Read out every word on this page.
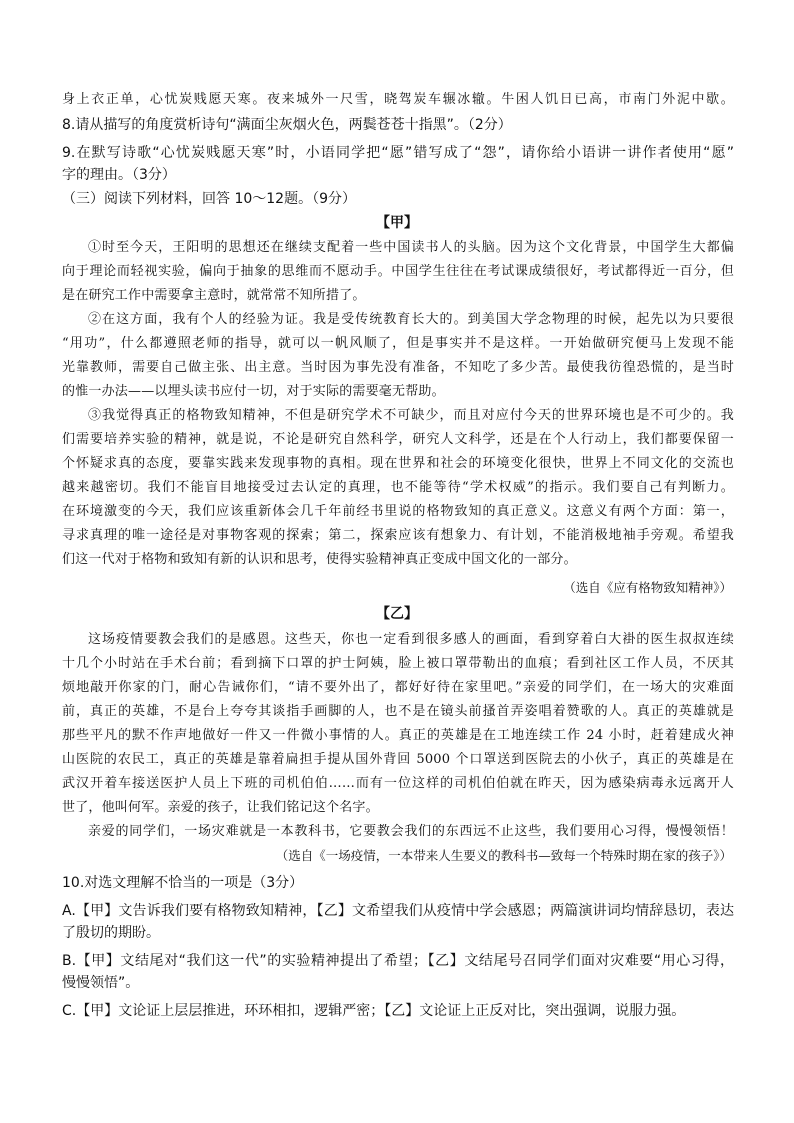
身上衣正单，心忧炭贱愿天寒。夜来城外一尺雪，晓驾炭车辗冰辙。牛困人饥日已高，市南门外泥中歇。
8.请从描写的角度赏析诗句“满面尘灰烟火色，两鬓苍苍十指黑”。（2分）
9.在默写诗歌“心忧炭贱愿天寒”时，小语同学把“愿”错写成了“怨”，请你给小语讲一讲作者使用“愿”
字的理由。（3分）
（三）阅读下列材料，回答 10～12题。（9分）
【甲】
①时至今天，王阳明的思想还在继续支配着一些中国读书人的头脑。因为这个文化背景，中国学生大都偏
向于理论而轻视实验，偏向于抽象的思维而不愿动手。中国学生往往在考试课成绩很好，考试都得近一百分，但
是在研究工作中需要拿主意时，就常常不知所措了。
②在这方面，我有个人的经验为证。我是受传统教育长大的。到美国大学念物理的时候，起先以为只要很
“用功”，什么都遵照老师的指导，就可以一帆风顺了，但是事实并不是这样。一开始做研究便马上发现不能
光靠教师，需要自己做主张、出主意。当时因为事先没有准备，不知吃了多少苦。最使我彷徨恐慌的，是当时
的惟一办法——以埋头读书应付一切，对于实际的需要毫无帮助。
③我觉得真正的格物致知精神，不但是研究学术不可缺少，而且对应付今天的世界环境也是不可少的。我
们需要培养实验的精神，就是说，不论是研究自然科学，研究人文科学，还是在个人行动上，我们都要保留一
个怀疑求真的态度，要靠实践来发现事物的真相。现在世界和社会的环境变化很快，世界上不同文化的交流也
越来越密切。我们不能盲目地接受过去认定的真理，也不能等待“学术权威”的指示。我们要自己有判断力。
在环境激变的今天，我们应该重新体会几千年前经书里说的格物致知的真正意义。这意义有两个方面：第一，
寻求真理的唯一途径是对事物客观的探索；第二，探索应该有想象力、有计划，不能消极地袖手旁观。希望我
们这一代对于格物和致知有新的认识和思考，使得实验精神真正变成中国文化的一部分。
（选自《应有格物致知精神》）
【乙】
这场疫情要教会我们的是感恩。这些天，你也一定看到很多感人的画面，看到穿着白大褂的医生叔叔连续
十几个小时站在手术台前；看到摘下口罩的护士阿姨，脸上被口罩带勒出的血痕；看到社区工作人员，不厌其
烦地敲开你家的门，耐心告诫你们，“请不要外出了，都好好待在家里吧。”亲爱的同学们，在一场大的灾难面
前，真正的英雄，不是台上夸夸其谈指手画脚的人，也不是在镜头前搔首弄姿唱着赞歌的人。真正的英雄就是
那些平凡的默不作声地做好一件又一件微小事情的人。真正的英雄是在工地连续工作 24 小时，赶着建成火神
山医院的农民工，真正的英雄是靠着扁担手提从国外背回 5000 个口罩送到医院去的小伙子，真正的英雄是在
武汉开着车接送医护人员上下班的司机伯伯……而有一位这样的司机伯伯就在昨天，因为感染病毒永远离开人
世了，他叫何军。亲爱的孩子，让我们铭记这个名字。
亲爱的同学们，一场灾难就是一本教科书，它要教会我们的东西远不止这些，我们要用心习得，慢慢领悟！
（选自《一场疫情，一本带来人生要义的教科书—致每一个特殊时期在家的孩子》）
10.对选文理解不恰当的一项是（3分）
A.【甲】文告诉我们要有格物致知精神，【乙】文希望我们从疫情中学会感恩；两篇演讲词均情辞恳切，表达
了殷切的期盼。
B.【甲】文结尾对“我们这一代”的实验精神提出了希望；【乙】文结尾号召同学们面对灾难要“用心习得，
慢慢领悟”。
C.【甲】文论证上层层推进，环环相扣，逻辑严密；【乙】文论证上正反对比，突出强调，说服力强。
